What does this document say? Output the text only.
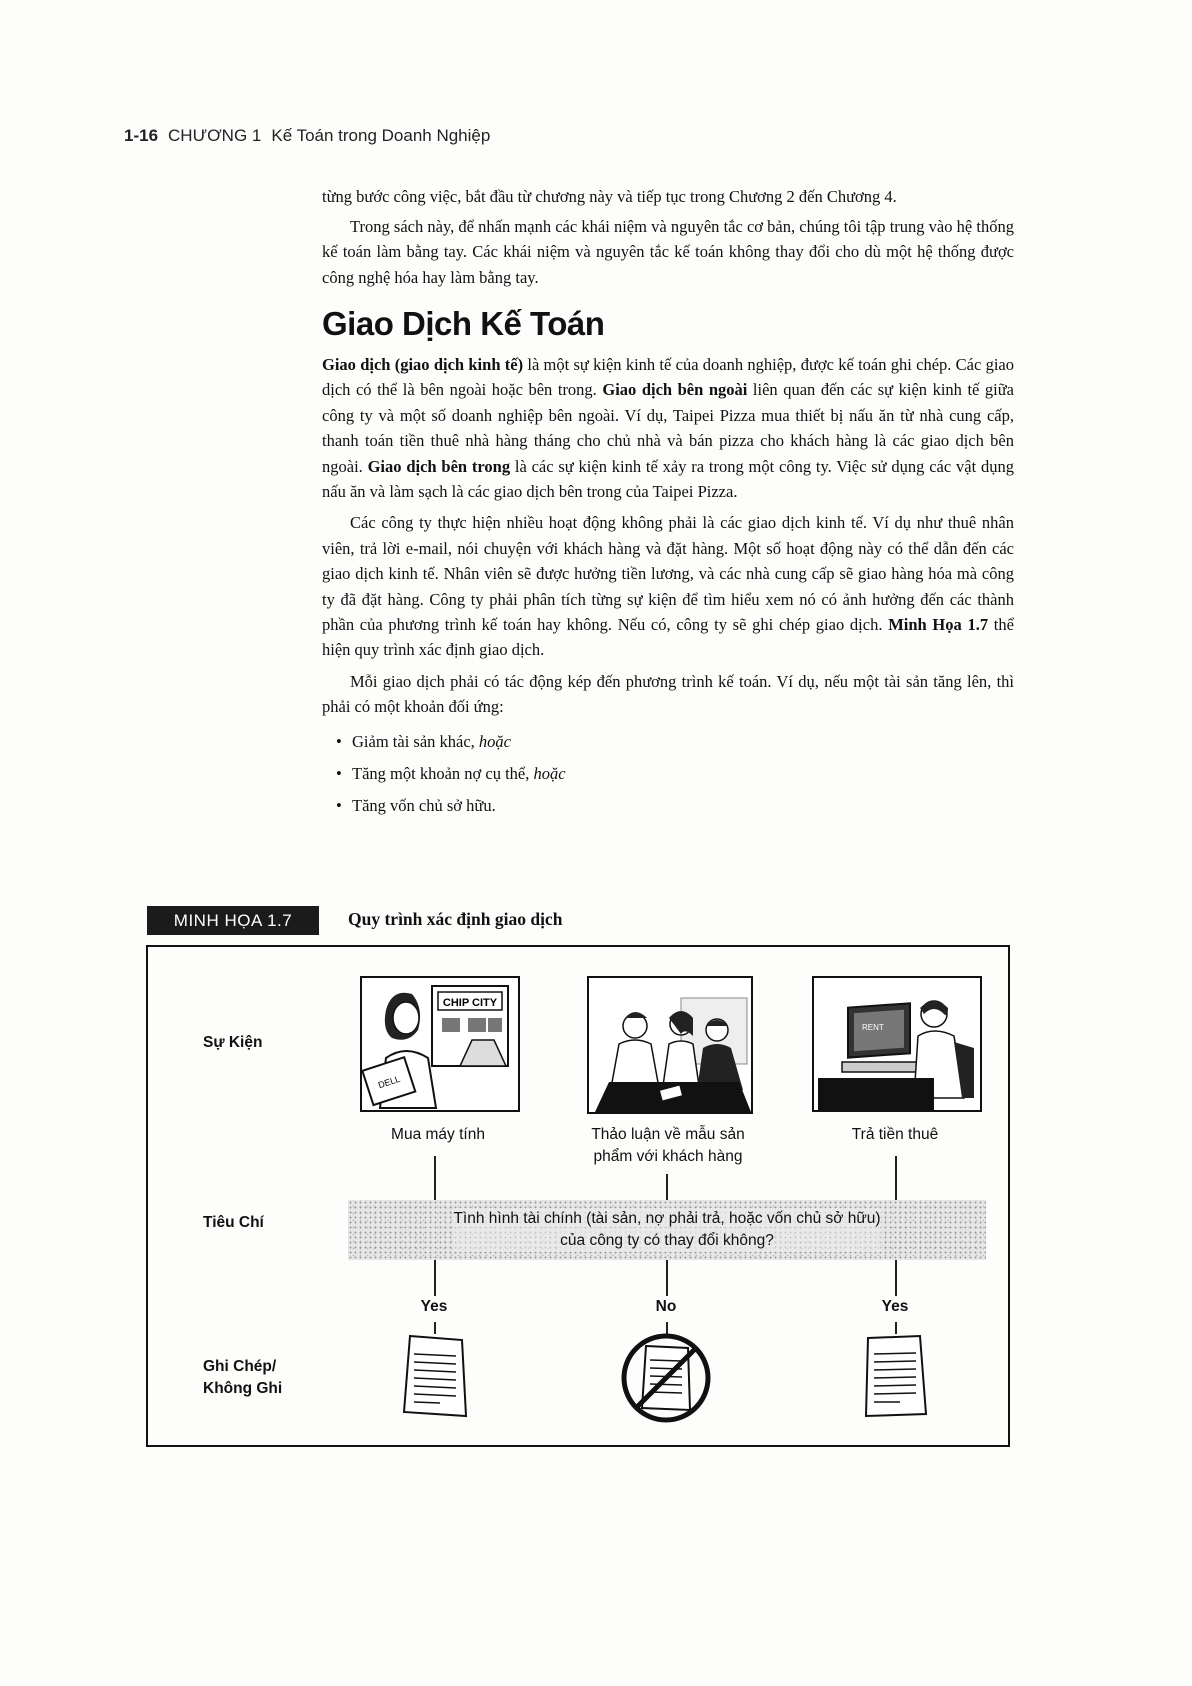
1-16 CHƯƠNG 1 Kế Toán trong Doanh Nghiệp

từng bước công việc, bắt đầu từ chương này và tiếp tục trong Chương 2 đến Chương 4.

Trong sách này, để nhấn mạnh các khái niệm và nguyên tắc cơ bản, chúng tôi tập trung vào hệ thống kế toán làm bằng tay. Các khái niệm và nguyên tắc kế toán không thay đổi cho dù một hệ thống được công nghệ hóa hay làm bằng tay.

Giao Dịch Kế Toán

Giao dịch (giao dịch kinh tế) là một sự kiện kinh tế của doanh nghiệp, được kế toán ghi chép. Các giao dịch có thể là bên ngoài hoặc bên trong. Giao dịch bên ngoài liên quan đến các sự kiện kinh tế giữa công ty và một số doanh nghiệp bên ngoài. Ví dụ, Taipei Pizza mua thiết bị nấu ăn từ nhà cung cấp, thanh toán tiền thuê nhà hàng tháng cho chủ nhà và bán pizza cho khách hàng là các giao dịch bên ngoài. Giao dịch bên trong là các sự kiện kinh tế xảy ra trong một công ty. Việc sử dụng các vật dụng nấu ăn và làm sạch là các giao dịch bên trong của Taipei Pizza.

Các công ty thực hiện nhiều hoạt động không phải là các giao dịch kinh tế. Ví dụ như thuê nhân viên, trả lời e-mail, nói chuyện với khách hàng và đặt hàng. Một số hoạt động này có thể dẫn đến các giao dịch kinh tế. Nhân viên sẽ được hưởng tiền lương, và các nhà cung cấp sẽ giao hàng hóa mà công ty đã đặt hàng. Công ty phải phân tích từng sự kiện để tìm hiểu xem nó có ảnh hưởng đến các thành phần của phương trình kế toán hay không. Nếu có, công ty sẽ ghi chép giao dịch. Minh Họa 1.7 thể hiện quy trình xác định giao dịch.

Mỗi giao dịch phải có tác động kép đến phương trình kế toán. Ví dụ, nếu một tài sản tăng lên, thì phải có một khoản đối ứng:

• Giảm tài sản khác, hoặc
• Tăng một khoản nợ cụ thể, hoặc
• Tăng vốn chủ sở hữu.
MINH HỌA 1.7	Quy trình xác định giao dịch
Sự Kiện
Tiêu Chí
Ghi Chép/
Không Ghi
CHIP CITY
DELL
RENT
Mua máy tính	Thảo luận về mẫu sản phẩm với khách hàng
Trả tiền thuê
Tình hình tài chính (tài sản, nợ phải trả, hoặc vốn chủ sở hữu)
của công ty có thay đổi không?
Yes	No	Yes
